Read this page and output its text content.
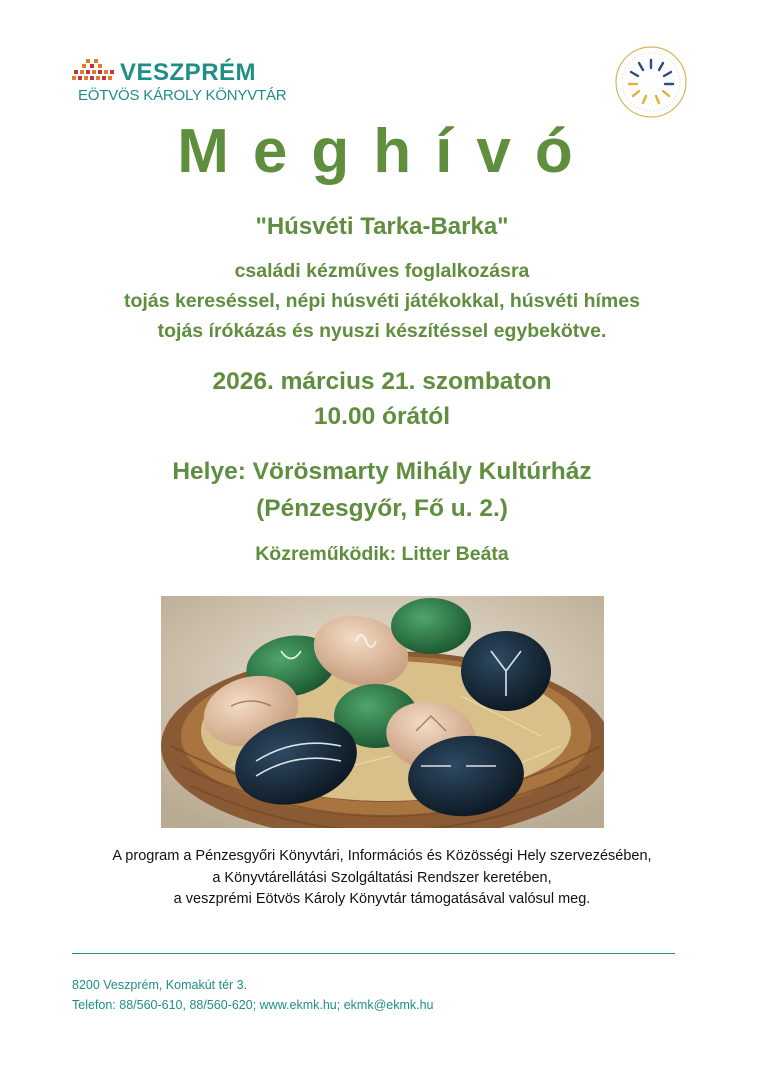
VESZPRÉM
EÖTVÖS KÁROLY KÖNYVTÁR
Meghívó
"Húsvéti Tarka-Barka"
családi kézműves foglalkozásra
tojás kereséssel, népi húsvéti játékokkal, húsvéti hímes
tojás írókázás és nyuszi készítéssel egybekötve.
2026. március 21. szombaton
10.00 órától
Helye: Vörösmarty Mihály Kultúrház
(Pénzesgyőr, Fő u. 2.)
Közreműködik: Litter Beáta
A program a Pénzesgyőri Könyvtári, Információs és Közösségi Hely szervezésében,
a Könyvtárellátási Szolgáltatási Rendszer keretében,
a veszprémi Eötvös Károly Könyvtár támogatásával valósul meg.
8200 Veszprém, Komakút tér 3.
Telefon: 88/560-610, 88/560-620; www.ekmk.hu; ekmk@ekmk.hu
